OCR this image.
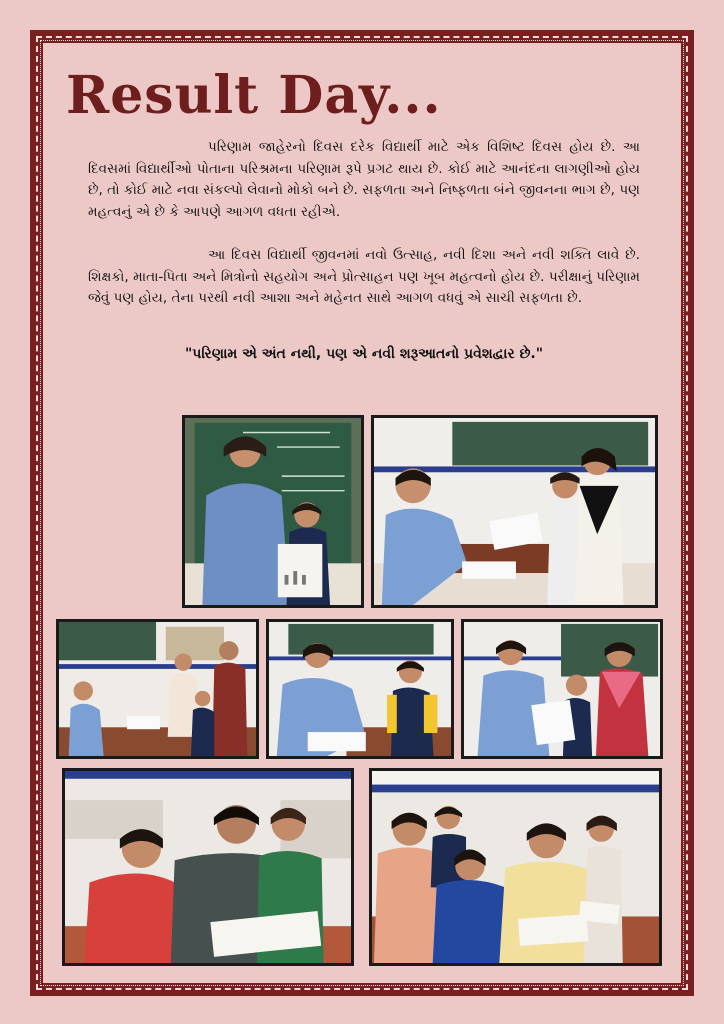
Result Day...
પરિણામ જાહેરનો દિવસ દરેક વિદ્યાર્થી માટે એક વિશિષ્ટ દિવસ હોય છે. આ દિવસમાં વિદ્યાર્થીઓ પોતાના પરિશ્રમના પરિણામ રૂપે પ્રગટ થાય છે. કોઈ માટે આનંદના લાગણીઓ હોય છે, તો કોઈ માટે નવા સંકલ્પો લેવાનો મોકો બને છે. સફળતા અને નિષ્ફળતા બંને જીવનના ભાગ છે, પણ મહત્વનું એ છે કે આપણે આગળ વધતા રહીએ.
આ દિવસ વિદ્યાર્થી જીવનમાં નવો ઉત્સાહ, નવી દિશા અને નવી શક્તિ લાવે છે. શિક્ષકો, માતા-પિતા અને મિત્રોનો સહયોગ અને પ્રોત્સાહન પણ ખૂબ મહત્વનો હોય છે. પરીક્ષાનું પરિણામ જેવું પણ હોય, તેના પરથી નવી આશા અને મહેનત સાથે આગળ વધવું એ સાચી સફળતા છે.
"પરિણામ એ અંત નથી, પણ એ નવી શરૂઆતનો પ્રવેશદ્વાર છે."
